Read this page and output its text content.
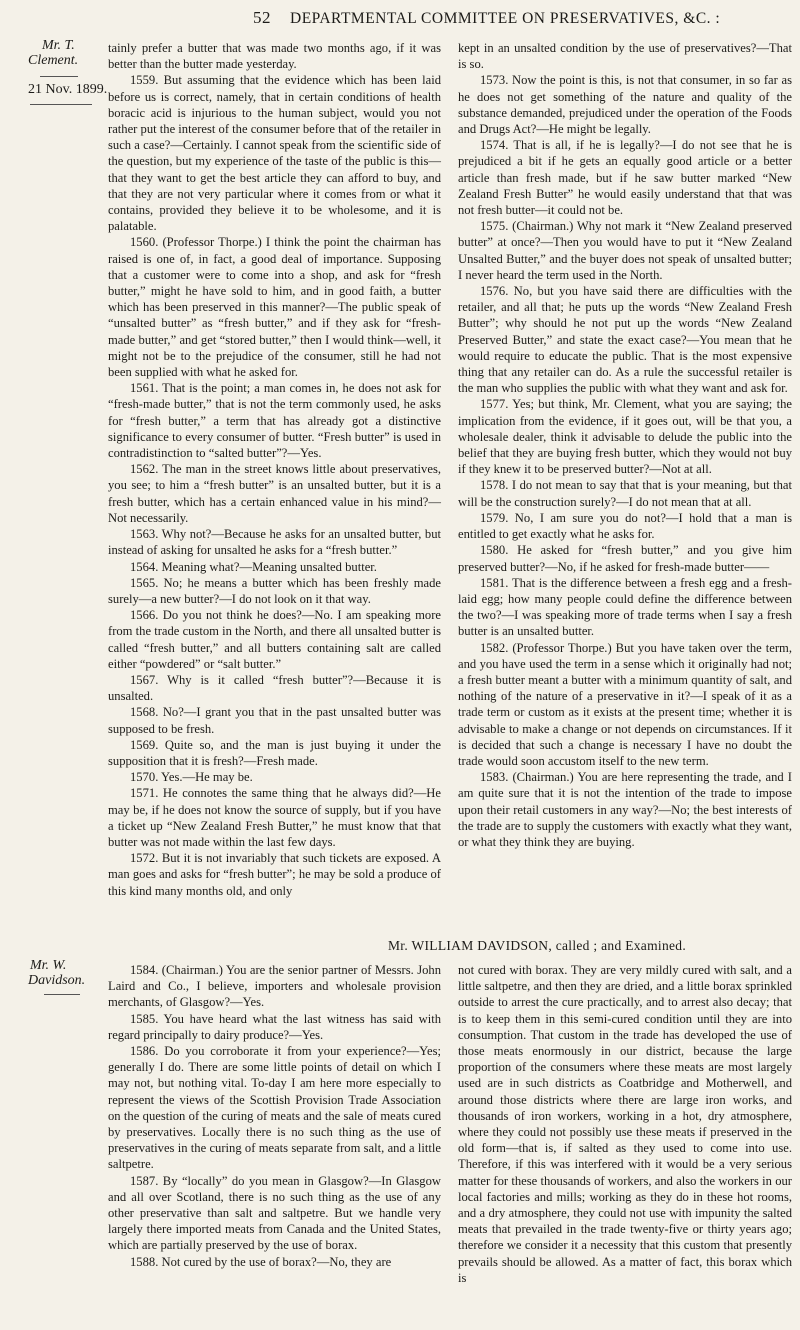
52 DEPARTMENTAL COMMITTEE ON PRESERVATIVES, &C. :
Mr. T.
Clement.
21 Nov. 1899.

tainly prefer a butter that was made two months ago, if it was better than the butter made yesterday.

1559. But assuming that the evidence which has been laid before us is correct, namely, that in certain conditions of health boracic acid is injurious to the human subject, would you not rather put the interest of the consumer before that of the retailer in such a case?—Certainly. I cannot speak from the scientific side of the question, but my experience of the taste of the public is this—that they want to get the best article they can afford to buy, and that they are not very particular where it comes from or what it contains, provided they believe it to be wholesome, and it is palatable.

1560. (Professor Thorpe.) I think the point the chairman has raised is one of, in fact, a good deal of importance. Supposing that a customer were to come into a shop, and ask for “fresh butter,” might he have sold to him, and in good faith, a butter which has been preserved in this manner?—The public speak of “unsalted butter” as “fresh butter,” and if they ask for “fresh-made butter,” and get “stored butter,” then I would think—well, it might not be to the prejudice of the consumer, still he had not been supplied with what he asked for.

1561. That is the point; a man comes in, he does not ask for “fresh-made butter,” that is not the term commonly used, he asks for “fresh butter,” a term that has already got a distinctive significance to every consumer of butter. “Fresh butter” is used in contradistinction to “salted butter”?—Yes.

1562. The man in the street knows little about preservatives, you see; to him a “fresh butter” is an unsalted butter, but it is a fresh butter, which has a certain enhanced value in his mind?—Not necessarily.

1563. Why not?—Because he asks for an unsalted butter, but instead of asking for unsalted he asks for a “fresh butter.”

1564. Meaning what?—Meaning unsalted butter.

1565. No; he means a butter which has been freshly made surely—a new butter?—I do not look on it that way.

1566. Do you not think he does?—No. I am speaking more from the trade custom in the North, and there all unsalted butter is called “fresh butter,” and all butters containing salt are called either “powdered” or “salt butter.”

1567. Why is it called “fresh butter”?—Because it is unsalted.

1568. No?—I grant you that in the past unsalted butter was supposed to be fresh.

1569. Quite so, and the man is just buying it under the supposition that it is fresh?—Fresh made.

1570. Yes.—He may be.

1571. He connotes the same thing that he always did?—He may be, if he does not know the source of supply, but if you have a ticket up “New Zealand Fresh Butter,” he must know that that butter was not made within the last few days.

1572. But it is not invariably that such tickets are exposed. A man goes and asks for “fresh butter”; he may be sold a produce of this kind many months old, and only

kept in an unsalted condition by the use of preservatives?—That is so.

1573. Now the point is this, is not that consumer, in so far as he does not get something of the nature and quality of the substance demanded, prejudiced under the operation of the Foods and Drugs Act?—He might be legally.

1574. That is all, if he is legally?—I do not see that he is prejudiced a bit if he gets an equally good article or a better article than fresh made, but if he saw butter marked “New Zealand Fresh Butter” he would easily understand that that was not fresh butter—it could not be.

1575. (Chairman.) Why not mark it “New Zealand preserved butter” at once?—Then you would have to put it “New Zealand Unsalted Butter,” and the buyer does not speak of unsalted butter; I never heard the term used in the North.

1576. No, but you have said there are difficulties with the retailer, and all that; he puts up the words “New Zealand Fresh Butter”; why should he not put up the words “New Zealand Preserved Butter,” and state the exact case?—You mean that he would require to educate the public. That is the most expensive thing that any retailer can do. As a rule the successful retailer is the man who supplies the public with what they want and ask for.

1577. Yes; but think, Mr. Clement, what you are saying; the implication from the evidence, if it goes out, will be that you, a wholesale dealer, think it advisable to delude the public into the belief that they are buying fresh butter, which they would not buy if they knew it to be preserved butter?—Not at all.

1578. I do not mean to say that that is your meaning, but that will be the construction surely?—I do not mean that at all.

1579. No, I am sure you do not?—I hold that a man is entitled to get exactly what he asks for.

1580. He asked for “fresh butter,” and you give him preserved butter?—No, if he asked for fresh-made butter——

1581. That is the difference between a fresh egg and a fresh-laid egg; how many people could define the difference between the two?—I was speaking more of trade terms when I say a fresh butter is an unsalted butter.

1582. (Professor Thorpe.) But you have taken over the term, and you have used the term in a sense which it originally had not; a fresh butter meant a butter with a minimum quantity of salt, and nothing of the nature of a preservative in it?—I speak of it as a trade term or custom as it exists at the present time; whether it is advisable to make a change or not depends on circumstances. If it is decided that such a change is necessary I have no doubt the trade would soon accustom itself to the new term.

1583. (Chairman.) You are here representing the trade, and I am quite sure that it is not the intention of the trade to impose upon their retail customers in any way?—No; the best interests of the trade are to supply the customers with exactly what they want, or what they think they are buying.

Mr. WILLIAM DAVIDSON, called ; and Examined.
Mr. W.
Davidson.

1584. (Chairman.) You are the senior partner of Messrs. John Laird and Co., I believe, importers and wholesale provision merchants, of Glasgow?—Yes.

1585. You have heard what the last witness has said with regard principally to dairy produce?—Yes.

1586. Do you corroborate it from your experience?—Yes; generally I do. There are some little points of detail on which I may not, but nothing vital. To-day I am here more especially to represent the views of the Scottish Provision Trade Association on the question of the curing of meats and the sale of meats cured by preservatives. Locally there is no such thing as the use of preservatives in the curing of meats separate from salt, and a little saltpetre.

1587. By “locally” do you mean in Glasgow?—In Glasgow and all over Scotland, there is no such thing as the use of any other preservative than salt and saltpetre. But we handle very largely there imported meats from Canada and the United States, which are partially preserved by the use of borax.

1588. Not cured by the use of borax?—No, they are

not cured with borax. They are very mildly cured with salt, and a little saltpetre, and then they are dried, and a little borax sprinkled outside to arrest the cure practically, and to arrest also decay; that is to keep them in this semi-cured condition until they are into consumption. That custom in the trade has developed the use of those meats enormously in our district, because the large proportion of the consumers where these meats are most largely used are in such districts as Coatbridge and Motherwell, and around those districts where there are large iron works, and thousands of iron workers, working in a hot, dry atmosphere, where they could not possibly use these meats if preserved in the old form—that is, if salted as they used to come into use. Therefore, if this was interfered with it would be a very serious matter for these thousands of workers, and also the workers in our local factories and mills; working as they do in these hot rooms, and a dry atmosphere, they could not use with impunity the salted meats that prevailed in the trade twenty-five or thirty years ago; therefore we consider it a necessity that this custom that presently prevails should be allowed. As a matter of fact, this borax which is
